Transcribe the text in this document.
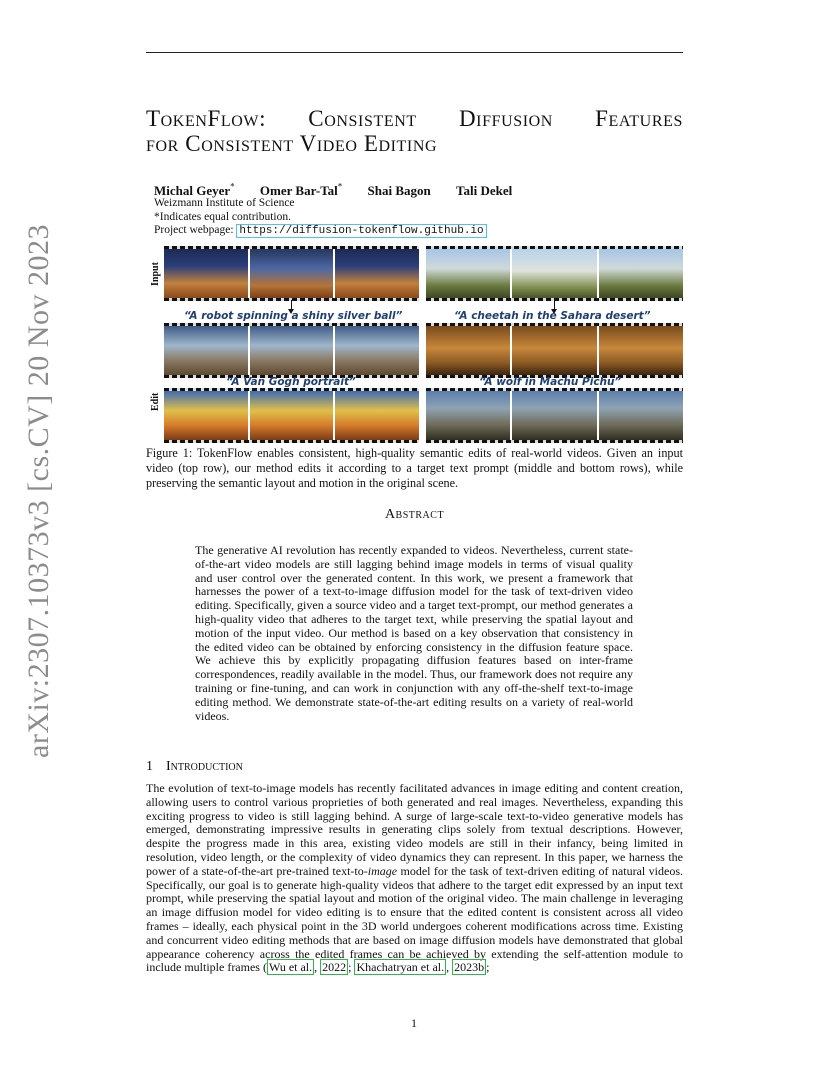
arXiv:2307.10373v3 [cs.CV] 20 Nov 2023
TokenFlow: Consistent Diffusion Features
for Consistent Video Editing
Michal Geyer* Omer Bar-Tal* Shai Bagon Tali Dekel
Weizmann Institute of Science
*Indicates equal contribution.
Project webpage: https://diffusion-tokenflow.github.io
Input
Edit
“A robot spinning a shiny silver ball”	“A cheetah in the Sahara desert”
“A Van Gogh portrait”	“A wolf in Machu Pichu”
Figure 1: TokenFlow enables consistent, high-quality semantic edits of real-world videos. Given an input video (top row), our method edits it according to a target text prompt (middle and bottom rows), while preserving the semantic layout and motion in the original scene.
Abstract
The generative AI revolution has recently expanded to videos. Nevertheless, current state-of-the-art video models are still lagging behind image models in terms of visual quality and user control over the generated content. In this work, we present a framework that harnesses the power of a text-to-image diffusion model for the task of text-driven video editing. Specifically, given a source video and a target text-prompt, our method generates a high-quality video that adheres to the target text, while preserving the spatial layout and motion of the input video. Our method is based on a key observation that consistency in the edited video can be obtained by enforcing consistency in the diffusion feature space. We achieve this by explicitly propagating diffusion features based on inter-frame correspondences, readily available in the model. Thus, our framework does not require any training or fine-tuning, and can work in conjunction with any off-the-shelf text-to-image editing method. We demonstrate state-of-the-art editing results on a variety of real-world videos.
1 Introduction
The evolution of text-to-image models has recently facilitated advances in image editing and content creation, allowing users to control various proprieties of both generated and real images. Nevertheless, expanding this exciting progress to video is still lagging behind. A surge of large-scale text-to-video generative models has emerged, demonstrating impressive results in generating clips solely from textual descriptions. However, despite the progress made in this area, existing video models are still in their infancy, being limited in resolution, video length, or the complexity of video dynamics they can represent. In this paper, we harness the power of a state-of-the-art pre-trained text-to-image model for the task of text-driven editing of natural videos. Specifically, our goal is to generate high-quality videos that adhere to the target edit expressed by an input text prompt, while preserving the spatial layout and motion of the original video. The main challenge in leveraging an image diffusion model for video editing is to ensure that the edited content is consistent across all video frames – ideally, each physical point in the 3D world undergoes coherent modifications across time. Existing and concurrent video editing methods that are based on image diffusion models have demonstrated that global appearance coherency across the edited frames can be achieved by extending the self-attention module to include multiple frames ( Wu et al. , 2022 ; Khachatryan et al. , 2023b ;
1
